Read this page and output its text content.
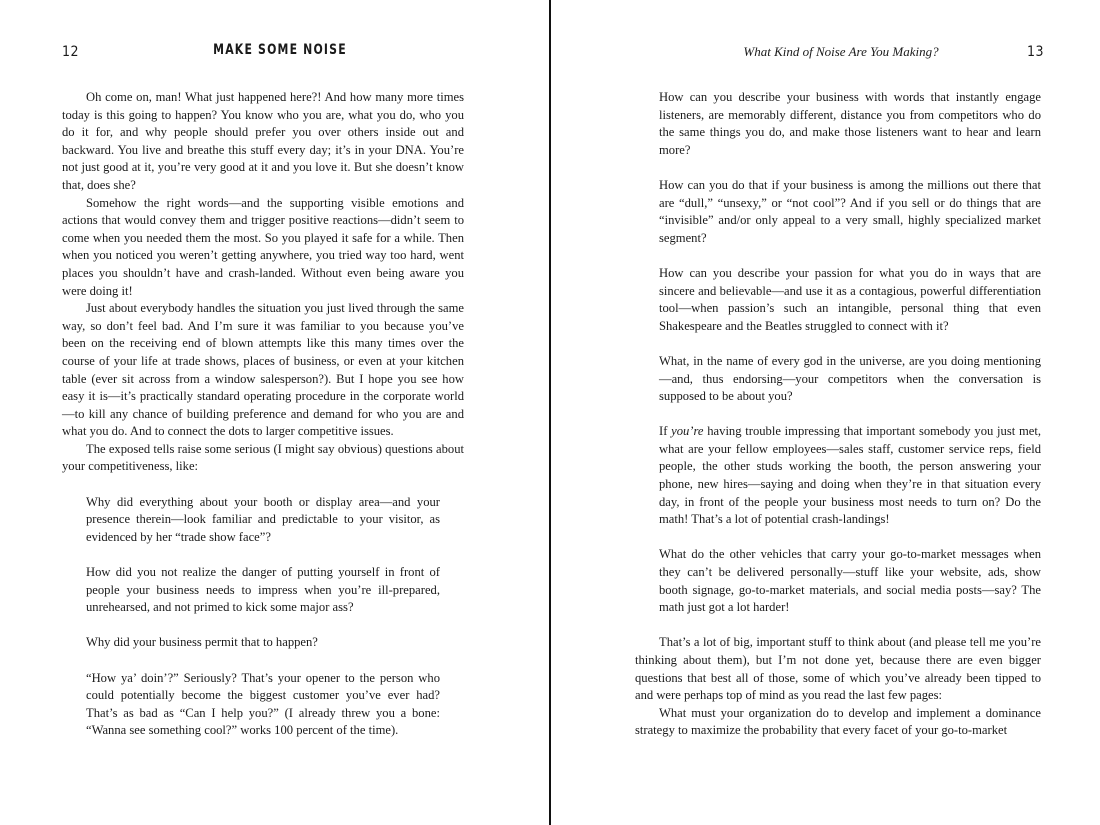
12	MAKE SOME NOISE

Oh come on, man! What just happened here?! And how many more times today is this going to happen? You know who you are, what you do, who you do it for, and why people should prefer you over others inside out and backward. You live and breathe this stuff every day; it’s in your DNA. You’re not just good at it, you’re very good at it and you love it. But she doesn’t know that, does she?

Somehow the right words—and the supporting visible emotions and actions that would convey them and trigger positive reactions—didn’t seem to come when you needed them the most. So you played it safe for a while. Then when you noticed you weren’t getting anywhere, you tried way too hard, went places you shouldn’t have and crash-landed. Without even being aware you were doing it!

Just about everybody handles the situation you just lived through the same way, so don’t feel bad. And I’m sure it was familiar to you because you’ve been on the receiving end of blown attempts like this many times over the course of your life at trade shows, places of business, or even at your kitchen table (ever sit across from a window salesperson?). But I hope you see how easy it is—it’s practically standard operating procedure in the corporate world—to kill any chance of building preference and demand for who you are and what you do. And to connect the dots to larger competitive issues.

The exposed tells raise some serious (I might say obvious) questions about your competitiveness, like:

Why did everything about your booth or display area—and your presence therein—look familiar and predictable to your visitor, as evidenced by her “trade show face”?

How did you not realize the danger of putting yourself in front of people your business needs to impress when you’re ill-prepared, unrehearsed, and not primed to kick some major ass?

Why did your business permit that to happen?

“How ya’ doin’?” Seriously? That’s your opener to the person who could potentially become the biggest customer you’ve ever had? That’s as bad as “Can I help you?” (I already threw you a bone: “Wanna see something cool?” works 100 percent of the time).

What Kind of Noise Are You Making?	13

How can you describe your business with words that instantly engage listeners, are memorably different, distance you from competitors who do the same things you do, and make those listeners want to hear and learn more?

How can you do that if your business is among the millions out there that are “dull,” “unsexy,” or “not cool”? And if you sell or do things that are “invisible” and/or only appeal to a very small, highly specialized market segment?

How can you describe your passion for what you do in ways that are sincere and believable—and use it as a contagious, powerful differentiation tool—when passion’s such an intangible, personal thing that even Shakespeare and the Beatles struggled to connect with it?

What, in the name of every god in the universe, are you doing mentioning—and, thus endorsing—your competitors when the conversation is supposed to be about you?

If you’re having trouble impressing that important somebody you just met, what are your fellow employees—sales staff, customer service reps, field people, the other studs working the booth, the person answering your phone, new hires—saying and doing when they’re in that situation every day, in front of the people your business most needs to turn on? Do the math! That’s a lot of potential crash-landings!

What do the other vehicles that carry your go-to-market messages when they can’t be delivered personally—stuff like your website, ads, show booth signage, go-to-market materials, and social media posts—say? The math just got a lot harder!

That’s a lot of big, important stuff to think about (and please tell me you’re thinking about them), but I’m not done yet, because there are even bigger questions that best all of those, some of which you’ve already been tipped to and were perhaps top of mind as you read the last few pages:

What must your organization do to develop and implement a dominance strategy to maximize the probability that every facet of your go-to-market
